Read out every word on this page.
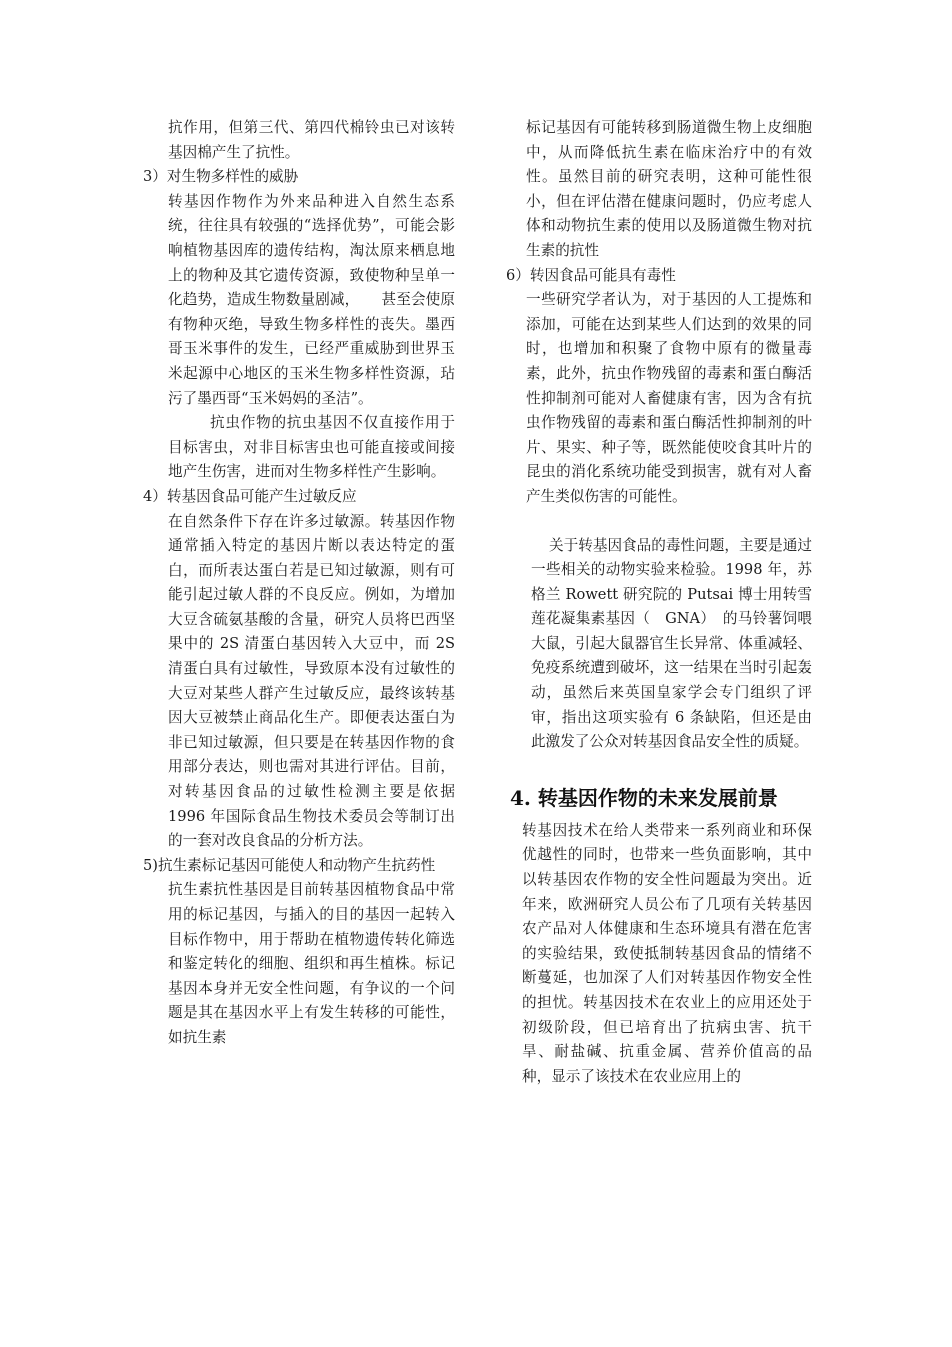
抗作用，但第三代、第四代棉铃虫已对该转基因棉产生了抗性。

3）对生物多样性的威胁

转基因作物作为外来品种进入自然生态系统，往往具有较强的“选择优势”，可能会影响植物基因库的遗传结构，淘汰原来栖息地上的物种及其它遗传资源，致使物种呈单一化趋势，造成生物数量剧减，　　甚至会使原有物种灭绝，导致生物多样性的丧失。墨西哥玉米事件的发生，已经严重威胁到世界玉米起源中心地区的玉米生物多样性资源，玷污了墨西哥“玉米妈妈的圣洁”。

抗虫作物的抗虫基因不仅直接作用于目标害虫，对非目标害虫也可能直接或间接地产生伤害，进而对生物多样性产生影响。

4）转基因食品可能产生过敏反应

在自然条件下存在许多过敏源。转基因作物通常插入特定的基因片断以表达特定的蛋白，而所表达蛋白若是已知过敏源，则有可能引起过敏人群的不良反应。例如，为增加大豆含硫氨基酸的含量，研究人员将巴西坚果中的 2S 清蛋白基因转入大豆中，而 2S 清蛋白具有过敏性，导致原本没有过敏性的大豆对某些人群产生过敏反应，最终该转基因大豆被禁止商品化生产。即便表达蛋白为非已知过敏源，但只要是在转基因作物的食用部分表达，则也需对其进行评估。目前，对转基因食品的过敏性检测主要是依据 1996 年国际食品生物技术委员会等制订出的一套对改良食品的分析方法。

5)抗生素标记基因可能使人和动物产生抗药性

抗生素抗性基因是目前转基因植物食品中常用的标记基因，与插入的目的基因一起转入目标作物中，用于帮助在植物遗传转化筛选和鉴定转化的细胞、组织和再生植株。标记基因本身并无安全性问题，有争议的一个问题是其在基因水平上有发生转移的可能性，如抗生素

标记基因有可能转移到肠道微生物上皮细胞中，从而降低抗生素在临床治疗中的有效性。虽然目前的研究表明，这种可能性很小，但在评估潜在健康问题时，仍应考虑人体和动物抗生素的使用以及肠道微生物对抗生素的抗性

6）转因食品可能具有毒性

一些研究学者认为，对于基因的人工提炼和添加，可能在达到某些人们达到的效果的同时，也增加和积聚了食物中原有的微量毒素，此外，抗虫作物残留的毒素和蛋白酶活性抑制剂可能对人畜健康有害，因为含有抗虫作物残留的毒素和蛋白酶活性抑制剂的叶片、果实、种子等，既然能使咬食其叶片的昆虫的消化系统功能受到损害，就有对人畜产生类似伤害的可能性。

关于转基因食品的毒性问题，主要是通过一些相关的动物实验来检验。1998 年，苏格兰 Rowett 研究院的 Putsai 博士用转雪莲花凝集素基因（　GNA）　的马铃薯饲喂大鼠，引起大鼠器官生长异常、体重减轻、免疫系统遭到破坏，这一结果在当时引起轰动，虽然后来英国皇家学会专门组织了评审，指出这项实验有 6 条缺陷，但还是由此激发了公众对转基因食品安全性的质疑。

4. 转基因作物的未来发展前景

转基因技术在给人类带来一系列商业和环保优越性的同时，也带来一些负面影响，其中以转基因农作物的安全性问题最为突出。近年来，欧洲研究人员公布了几项有关转基因农产品对人体健康和生态环境具有潜在危害的实验结果，致使抵制转基因食品的情绪不断蔓延，也加深了人们对转基因作物安全性的担忧。转基因技术在农业上的应用还处于初级阶段，但已培育出了抗病虫害、抗干旱、耐盐碱、抗重金属、营养价值高的品种，显示了该技术在农业应用上的
